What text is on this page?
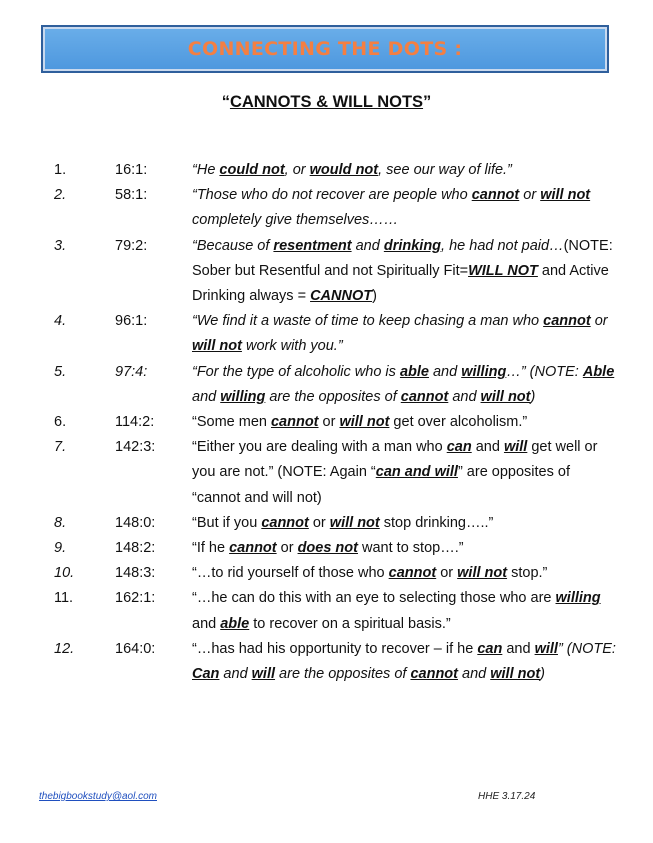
CONNECTING THE DOTS :
“CANNOTS & WILL NOTS”
1.	16:1:	“He could not, or would not, see our way of life.”
2.	58:1:	“Those who do not recover are people who cannot or will not completely give themselves……
3.	79:2:	“Because of resentment and drinking, he had not paid…(NOTE: Sober but Resentful and not Spiritually Fit=WILL NOT and Active Drinking always = CANNOT)
4.	96:1:	“We find it a waste of time to keep chasing a man who cannot or will not work with you.”
5.	97:4:	“For the type of alcoholic who is able and willing…” (NOTE: Able and willing are the opposites of cannot and will not)
6.	114:2:	“Some men cannot or will not get over alcoholism.”
7.	142:3:	“Either you are dealing with a man who can and will get well or you are not.” (NOTE: Again “can and will” are opposites of “cannot and will not)
8.	148:0:	“But if you cannot or will not stop drinking…..”
9.	148:2:	“If he cannot or does not want to stop….”
10.	148:3:	“…to rid yourself of those who cannot or will not stop.”
11.	162:1:	“…he can do this with an eye to selecting those who are willing and able to recover on a spiritual basis.”
12.	164:0:	“…has had his opportunity to recover – if he can and will” (NOTE: Can and will are the opposites of cannot and will not)
thebigbookstudy@aol.com	HHE 3.17.24
